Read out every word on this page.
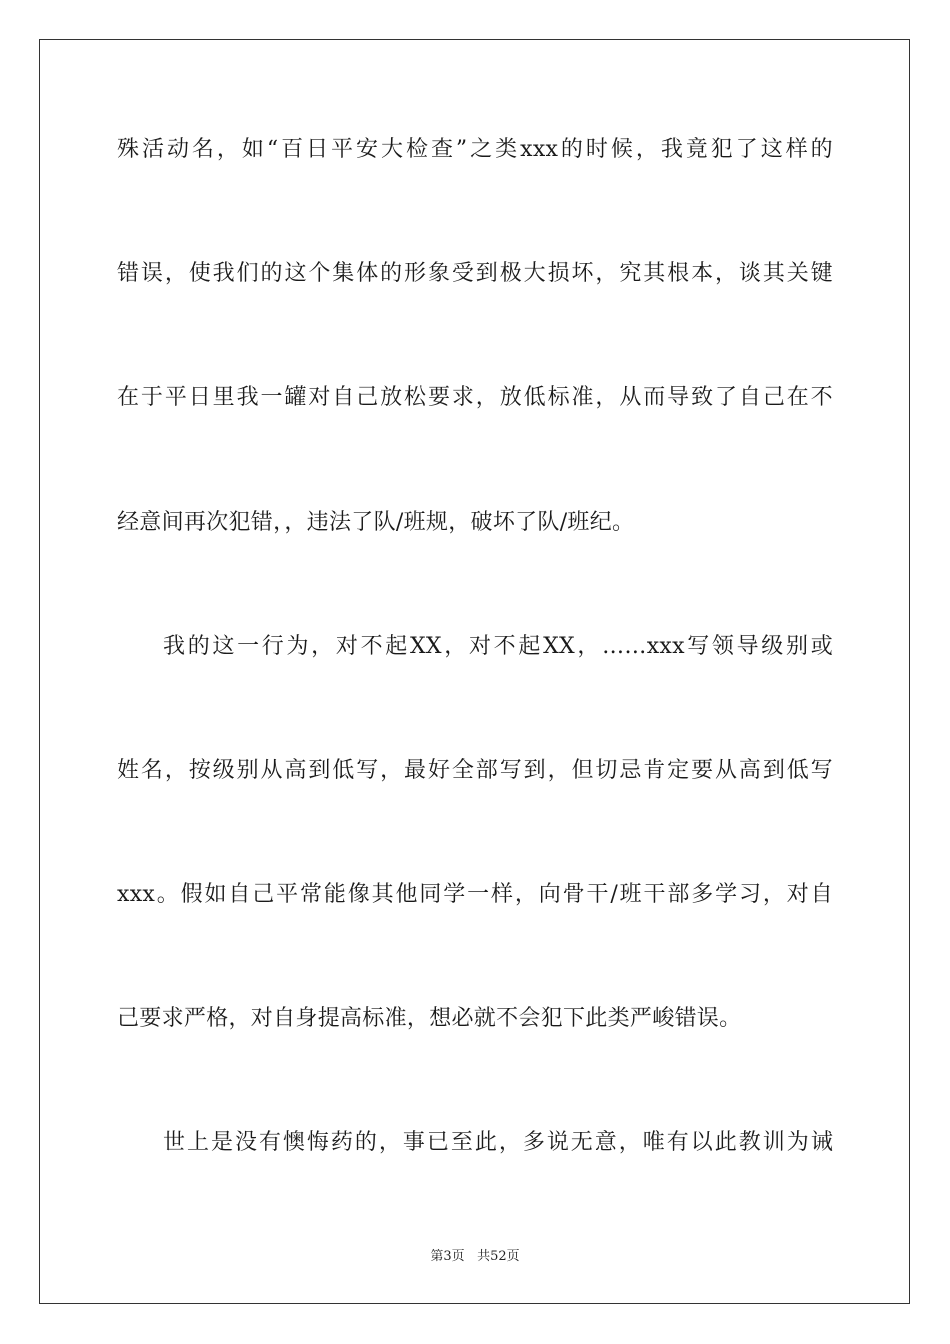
殊活动名，如“百日平安大检查”之类xxx的时候，我竟犯了这样的
错误，使我们的这个集体的形象受到极大损坏，究其根本，谈其关键
在于平日里我一罐对自己放松要求，放低标准，从而导致了自己在不
经意间再次犯错，，违法了队/班规，破坏了队/班纪。
我的这一行为，对不起XX，对不起XX，……xxx写领导级别或
姓名，按级别从高到低写，最好全部写到，但切忌肯定要从高到低写
xxx。假如自己平常能像其他同学一样，向骨干/班干部多学习，对自
己要求严格，对自身提高标准，想必就不会犯下此类严峻错误。
世上是没有懊悔药的，事已至此，多说无意，唯有以此教训为诫
第3页 共52页
